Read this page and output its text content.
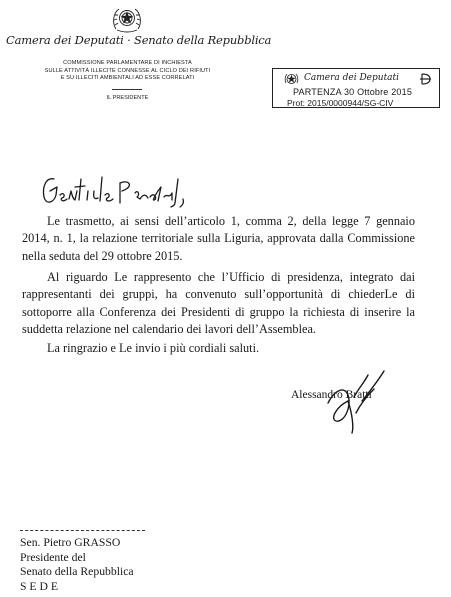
Camera dei Deputati · Senato della Repubblica
COMMISSIONE PARLAMENTARE DI INCHIESTA
SULLE ATTIVITÀ ILLECITE CONNESSE AL CICLO DEI RIFIUTI
E SU ILLECITI AMBIENTALI AD ESSE CORRELATI
IL PRESIDENTE
Camera dei Deputati
PARTENZA 30 Ottobre 2015
Prot: 2015/0000944/SG-CIV
Le trasmetto, ai sensi dell’articolo 1, comma 2, della legge 7 gennaio 2014, n. 1, la relazione territoriale sulla Liguria, approvata dalla Commissione nella seduta del 29 ottobre 2015.
Al riguardo Le rappresento che l’Ufficio di presidenza, integrato dai rappresentanti dei gruppi, ha convenuto sull’opportunità di chiederLe di sottoporre alla Conferenza dei Presidenti di gruppo la richiesta di inserire la suddetta relazione nel calendario dei lavori dell’Assemblea.
La ringrazio e Le invio i più cordiali saluti.
Alessandro Bratti
Sen. Pietro GRASSO
Presidente del
Senato della Repubblica
S E D E
